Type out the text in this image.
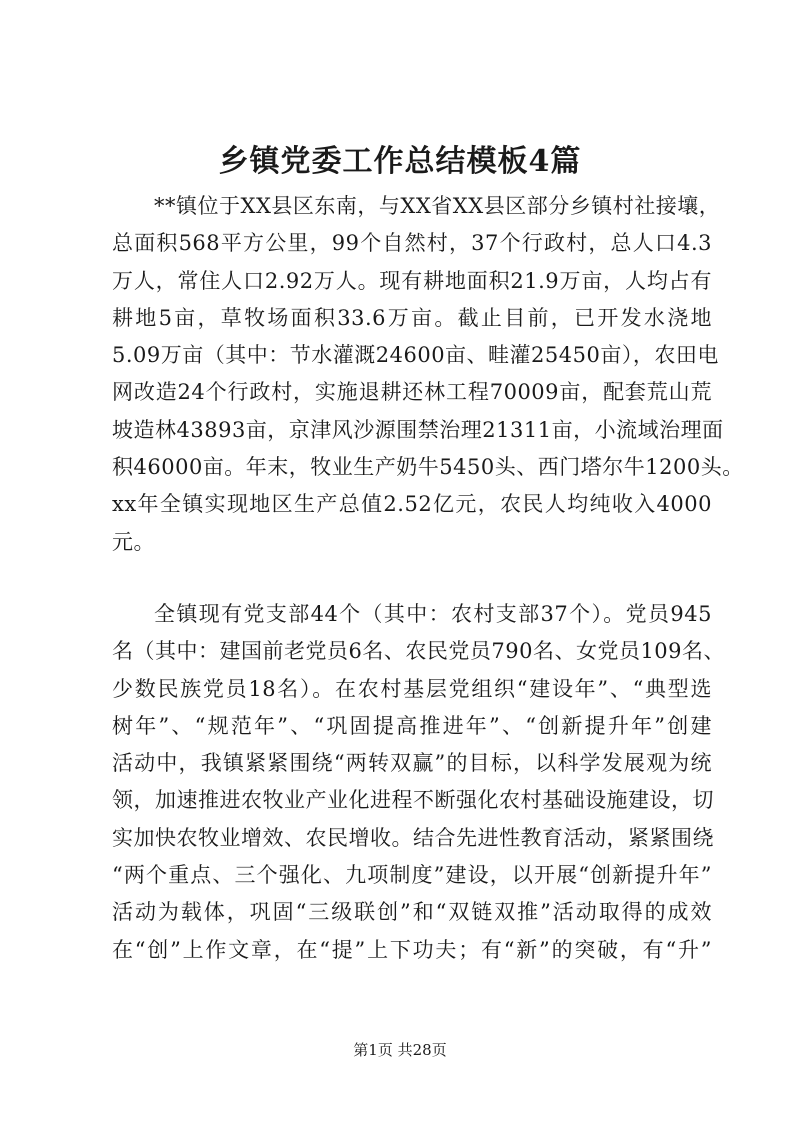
乡镇党委工作总结模板4篇
**镇位于XX县区东南，与XX省XX县区部分乡镇村社接壤，
总面积568平方公里，99个自然村，37个行政村，总人口4.3
万人，常住人口2.92万人。现有耕地面积21.9万亩，人均占有
耕地5亩，草牧场面积33.6万亩。截止目前，已开发水浇地
5.09万亩（其中：节水灌溉24600亩、畦灌25450亩），农田电
网改造24个行政村，实施退耕还林工程70009亩，配套荒山荒
坡造林43893亩，京津风沙源围禁治理21311亩，小流域治理面
积46000亩。年末，牧业生产奶牛5450头、西门塔尔牛1200头。
xx年全镇实现地区生产总值2.52亿元，农民人均纯收入4000
元。
全镇现有党支部44个（其中：农村支部37个）。党员945
名（其中：建国前老党员6名、农民党员790名、女党员109名、
少数民族党员18名）。在农村基层党组织“建设年”、“典型选
树年”、“规范年”、“巩固提高推进年”、“创新提升年”创建
活动中，我镇紧紧围绕“两转双赢”的目标，以科学发展观为统
领，加速推进农牧业产业化进程不断强化农村基础设施建设，切
实加快农牧业增效、农民增收。结合先进性教育活动，紧紧围绕
“两个重点、三个强化、九项制度”建设，以开展“创新提升年”
活动为载体，巩固“三级联创”和“双链双推”活动取得的成效
在“创”上作文章，在“提”上下功夫；有“新”的突破，有“升”
第1页 共28页
